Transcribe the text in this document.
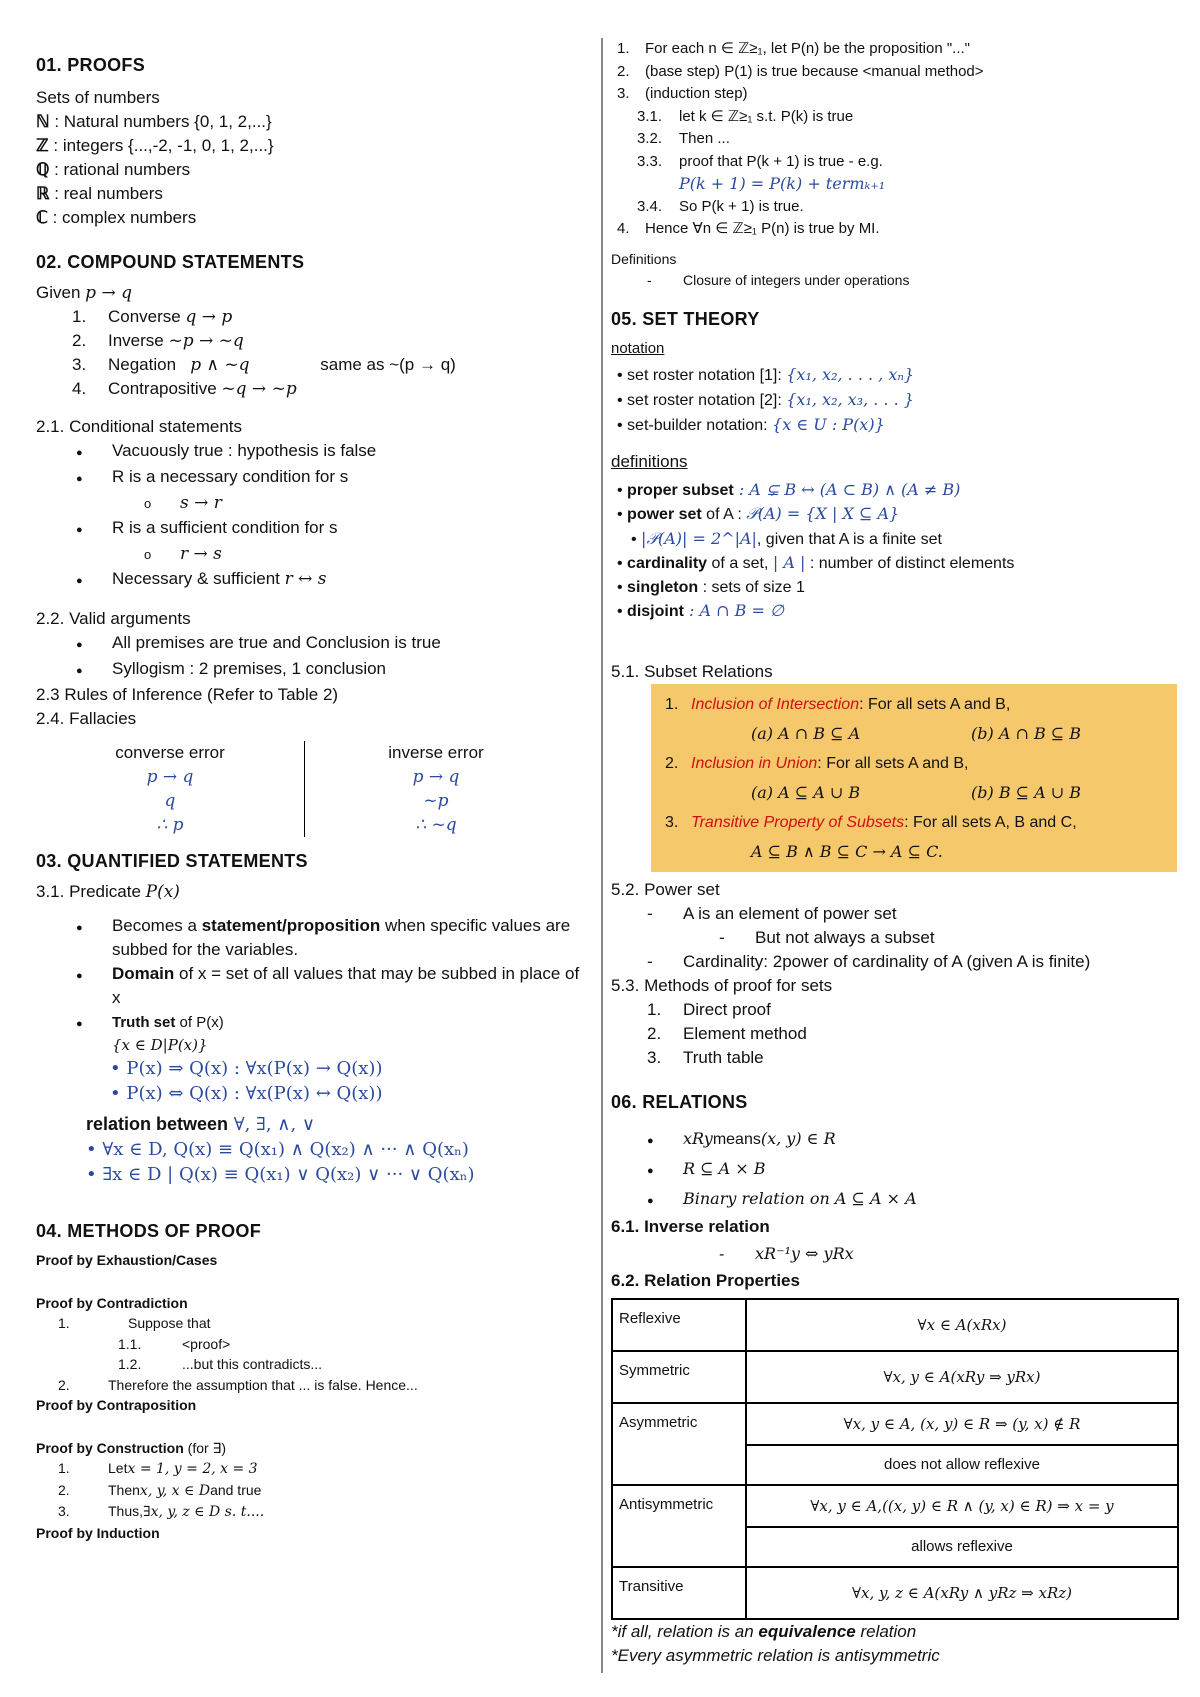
01. PROOFS

Sets of numbers

ℕ : Natural numbers {0, 1, 2,...}

ℤ : integers {...,-2, -1, 0, 1, 2,...}

ℚ : rational numbers

ℝ : real numbers

ℂ : complex numbers

02. COMPOUND STATEMENTS

Given p → q

1.	Converse
q → p
2.	Inverse
~p → ~q
3.	Negation
p ∧ ~q	same as ~(p → q)
4.	Contrapositive
~q → ~p

2.1. Conditional statements

●
Vacuously true : hypothesis is false
●
R is a necessary condition for s
o
s → r
●
R is a sufficient condition for s
o
r → s
●
Necessary & sufficient
r ↔ s

2.2. Valid arguments

●
All premises are true and Conclusion is true
●
Syllogism : 2 premises, 1 conclusion

2.3 Rules of Inference (Refer to Table 2)

2.4. Fallacies

converse error
p → q
q
∴ p
inverse error
p → q
~p
∴ ~q

03. QUANTIFIED STATEMENTS

3.1. Predicate P(x)

●
Becomes a statement/proposition when specific values are subbed for the variables.
●
Domain of x = set of all values that may be subbed in place of x
●
Truth set of P(x)
{x ∈ D|P(x)}
• P(x) ⇒ Q(x) : ∀x(P(x) → Q(x))
• P(x) ⇔ Q(x) : ∀x(P(x) ↔ Q(x))
relation between ∀, ∃, ∧, ∨
• ∀x ∈ D, Q(x) ≡ Q(x₁) ∧ Q(x₂) ∧ ··· ∧ Q(xₙ)
• ∃x ∈ D | Q(x) ≡ Q(x₁) ∨ Q(x₂) ∨ ··· ∨ Q(xₙ)

04. METHODS OF PROOF

Proof by Exhaustion/Cases
Proof by Contradiction
1.	Suppose that
1.1.	<proof>
1.2.	...but this contradicts...
2.	Therefore the assumption that ... is false. Hence...
Proof by Contraposition
Proof by Construction (for ∃)
1.	Let x = 1, y = 2, x = 3
2.	Then x, y, x ∈ D and true
3.	Thus, ∃x, y, z ∈ D s. t....
Proof by Induction
1.	For each n ∈ ℤ≥₁, let P(n) be the proposition "..."
2.	(base step) P(1) is true because <manual method>
3.	(induction step)
3.1.	let k ∈ ℤ≥₁ s.t. P(k) is true
3.2.	Then ...
3.3.	proof that P(k + 1) is true - e.g.
P(k + 1) = P(k) + termₖ₊₁
3.4.	So P(k + 1) is true.
4.	Hence ∀n ∈ ℤ≥₁ P(n) is true by MI.
Definitions
-	Closure of integers under operations

05. SET THEORY

notation
• set roster notation [1]: {x₁, x₂, . . . , xₙ}
• set roster notation [2]: {x₁, x₂, x₃, . . . }
• set-builder notation: {x ∈ U : P(x)}
definitions
• proper subset : A ⊊ B ↔ (A ⊂ B) ∧ (A ≠ B)
• power set of A : 𝒫(A) = {X | X ⊆ A}
• |𝒫(A)| = 2^|A|, given that A is a finite set
• cardinality of a set, | A | : number of distinct elements
• singleton : sets of size 1
• disjoint : A ∩ B = ∅

5.1. Subset Relations

1. Inclusion of Intersection: For all sets A and B,
(a) A ∩ B ⊆ A	(b) A ∩ B ⊆ B
2. Inclusion in Union: For all sets A and B,
(a) A ⊆ A ∪ B	(b) B ⊆ A ∪ B
3. Transitive Property of Subsets: For all sets A, B and C,
A ⊆ B ∧ B ⊆ C → A ⊆ C.

5.2. Power set

-	A is an element of power set
-	But not always a subset
-	Cardinality: 2power of cardinality of A (given A is finite)

5.3. Methods of proof for sets

1.	Direct proof
2.	Element method
3.	Truth table

06. RELATIONS

●
xRy means (x, y) ∈ R
●
R ⊆ A × B
●
Binary relation on A ⊆ A × A
6.1. Inverse relation
-	xR⁻¹y ⇔ yRx
6.2. Relation Properties
Reflexive	∀x ∈ A(xRx)
Symmetric	∀x, y ∈ A(xRy ⇒ yRx)
Asymmetric	∀x, y ∈ A, (x, y) ∈ R ⇒ (y, x) ∉ R
	does not allow reflexive
Antisymmetric	∀x, y ∈ A,((x, y) ∈ R ∧ (y, x) ∈ R) ⇒ x = y
	allows reflexive
Transitive	∀x, y, z ∈ A(xRy ∧ yRz ⇒ xRz)
*if all, relation is an equivalence relation
*Every asymmetric relation is antisymmetric
